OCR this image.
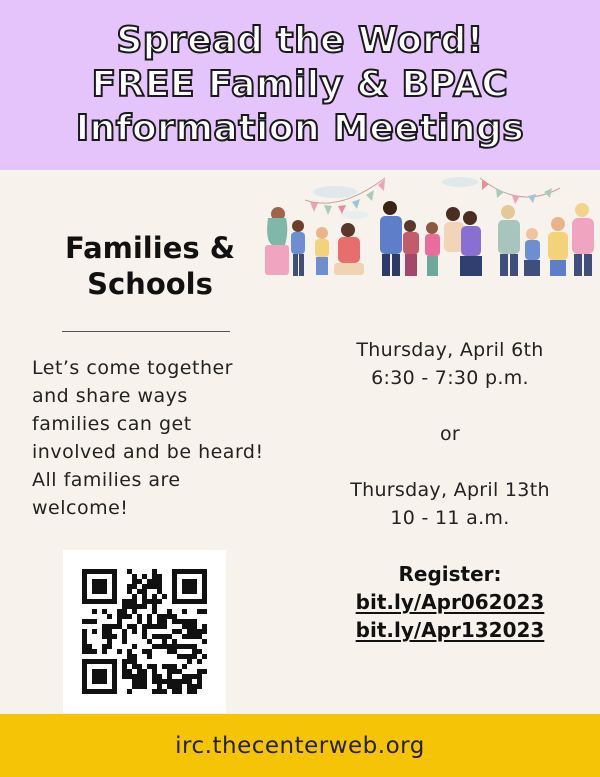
Spread the Word!
FREE Family & BPAC
Information Meetings
Families &
Schools
Let’s come together
and share ways
families can get
involved and be heard!
All families are
welcome!
Thursday, April 6th
6:30 - 7:30 p.m.
or
Thursday, April 13th
10 - 11 a.m.
Register:
bit.ly/Apr062023
bit.ly/Apr132023
irc.thecenterweb.org
